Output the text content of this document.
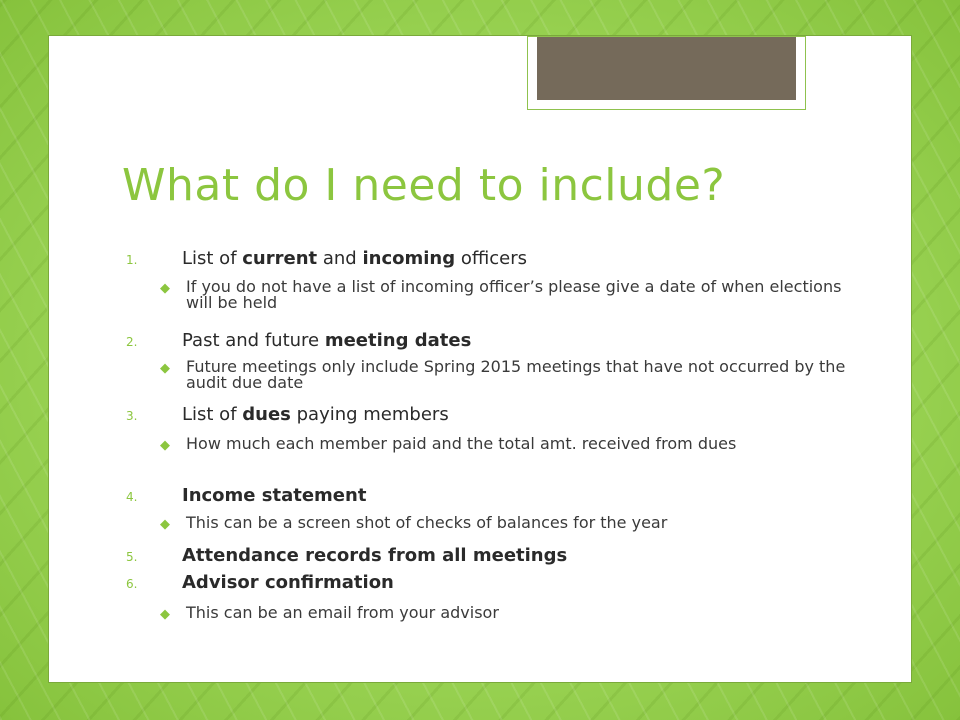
What do I need to include?
1.	List of current and incoming officers
◆	If you do not have a list of incoming officer’s please give a date of when elections will be held
2.	Past and future meeting dates
◆	Future meetings only include Spring 2015 meetings that have not occurred by the audit due date
3.	List of dues paying members
◆	How much each member paid and the total amt. received from dues
4.	Income statement
◆	This can be a screen shot of checks of balances for the year
5.	Attendance records from all meetings
6.	Advisor confirmation
◆	This can be an email from your advisor
